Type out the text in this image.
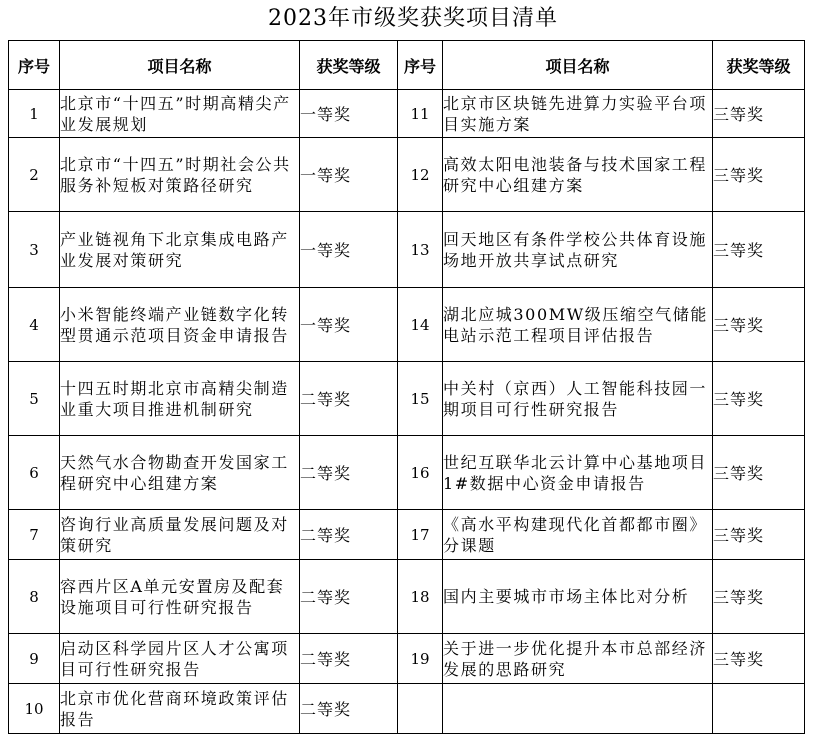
2023年市级奖获奖项目清单
序号	项目名称	获奖等级	序号	项目名称	获奖等级
1	北京市“十四五”时期高精尖产业发展规划	一等奖	11	北京市区块链先进算力实验平台项目实施方案	三等奖
2	北京市“十四五”时期社会公共服务补短板对策路径研究	一等奖	12	高效太阳电池装备与技术国家工程研究中心组建方案	三等奖
3	产业链视角下北京集成电路产业发展对策研究	一等奖	13	回天地区有条件学校公共体育设施场地开放共享试点研究	三等奖
4	小米智能终端产业链数字化转型贯通示范项目资金申请报告	一等奖	14	湖北应城300MW级压缩空气储能电站示范工程项目评估报告	三等奖
5	十四五时期北京市高精尖制造业重大项目推进机制研究	二等奖	15	中关村（京西）人工智能科技园一期项目可行性研究报告	三等奖
6	天然气水合物勘查开发国家工程研究中心组建方案	二等奖	16	世纪互联华北云计算中心基地项目1#数据中心资金申请报告	三等奖
7	咨询行业高质量发展问题及对策研究	二等奖	17	《高水平构建现代化首都都市圈》分课题	三等奖
8	容西片区A单元安置房及配套设施项目可行性研究报告	二等奖	18	国内主要城市市场主体比对分析	三等奖
9	启动区科学园片区人才公寓项目可行性研究报告	二等奖	19	关于进一步优化提升本市总部经济发展的思路研究	三等奖
10	北京市优化营商环境政策评估报告	二等奖			
